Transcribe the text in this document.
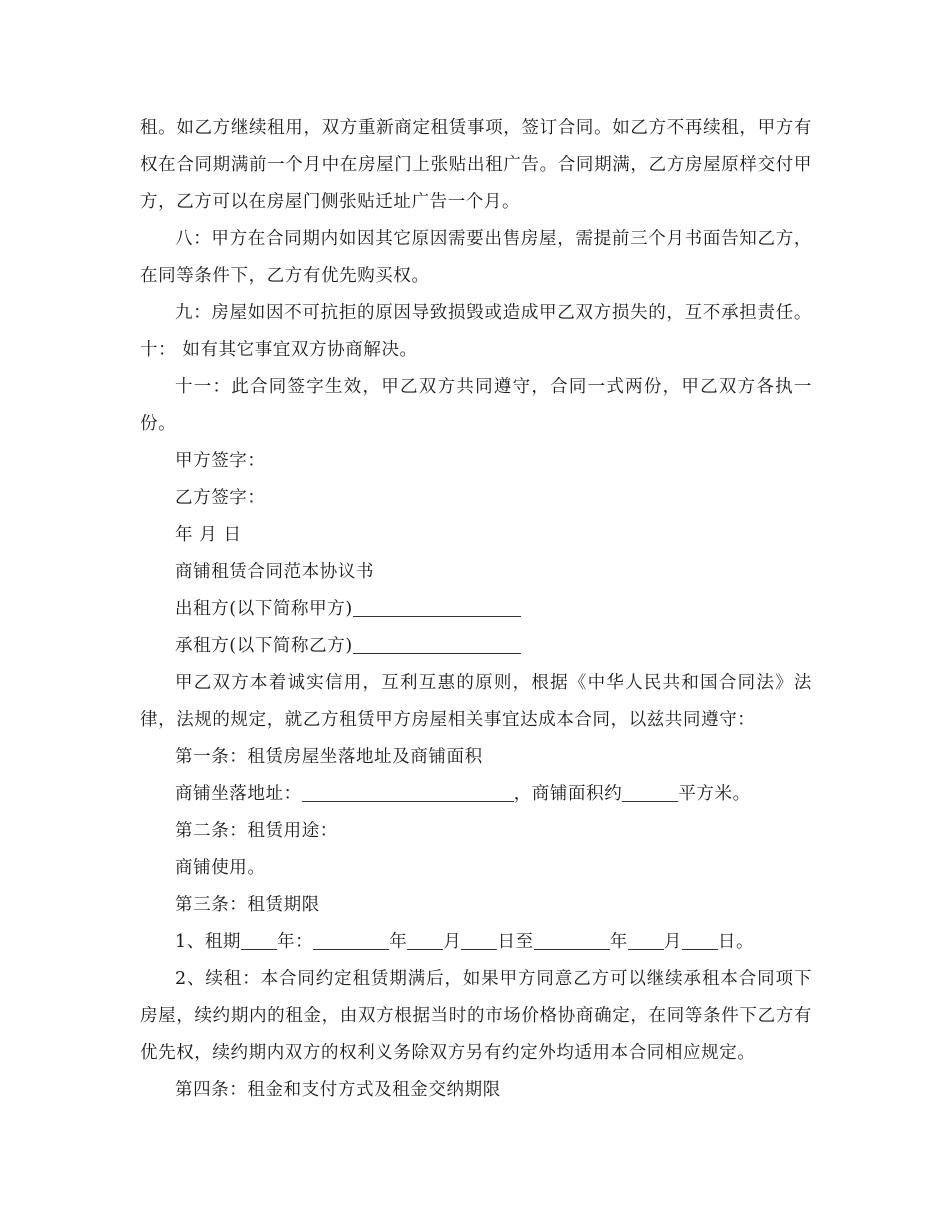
租。如乙方继续租用，双方重新商定租赁事项，签订合同。如乙方不再续租，甲方有权在合同期满前一个月中在房屋门上张贴出租广告。合同期满，乙方房屋原样交付甲方，乙方可以在房屋门侧张贴迁址广告一个月。

八：甲方在合同期内如因其它原因需要出售房屋，需提前三个月书面告知乙方，在同等条件下，乙方有优先购买权。

九：房屋如因不可抗拒的原因导致损毁或造成甲乙双方损失的，互不承担责任。 十： 如有其它事宜双方协商解决。

十一：此合同签字生效，甲乙双方共同遵守，合同一式两份，甲乙双方各执一份。

甲方签字：

乙方签字：

年 月 日

商铺租赁合同范本协议书

出租方(以下简称甲方)

承租方(以下简称乙方)

甲乙双方本着诚实信用，互利互惠的原则，根据《中华人民共和国合同法》法律，法规的规定，就乙方租赁甲方房屋相关事宜达成本合同，以兹共同遵守：

第一条：租赁房屋坐落地址及商铺面积

商铺坐落地址：	，商铺面积约	平方米。

第二条：租赁用途：

商铺使用。

第三条：租赁期限

1、租期 年：	年 月 日至	年 月 日。

2、续租：本合同约定租赁期满后，如果甲方同意乙方可以继续承租本合同项下房屋，续约期内的租金，由双方根据当时的市场价格协商确定，在同等条件下乙方有优先权，续约期内双方的权利义务除双方另有约定外均适用本合同相应规定。

第四条：租金和支付方式及租金交纳期限
